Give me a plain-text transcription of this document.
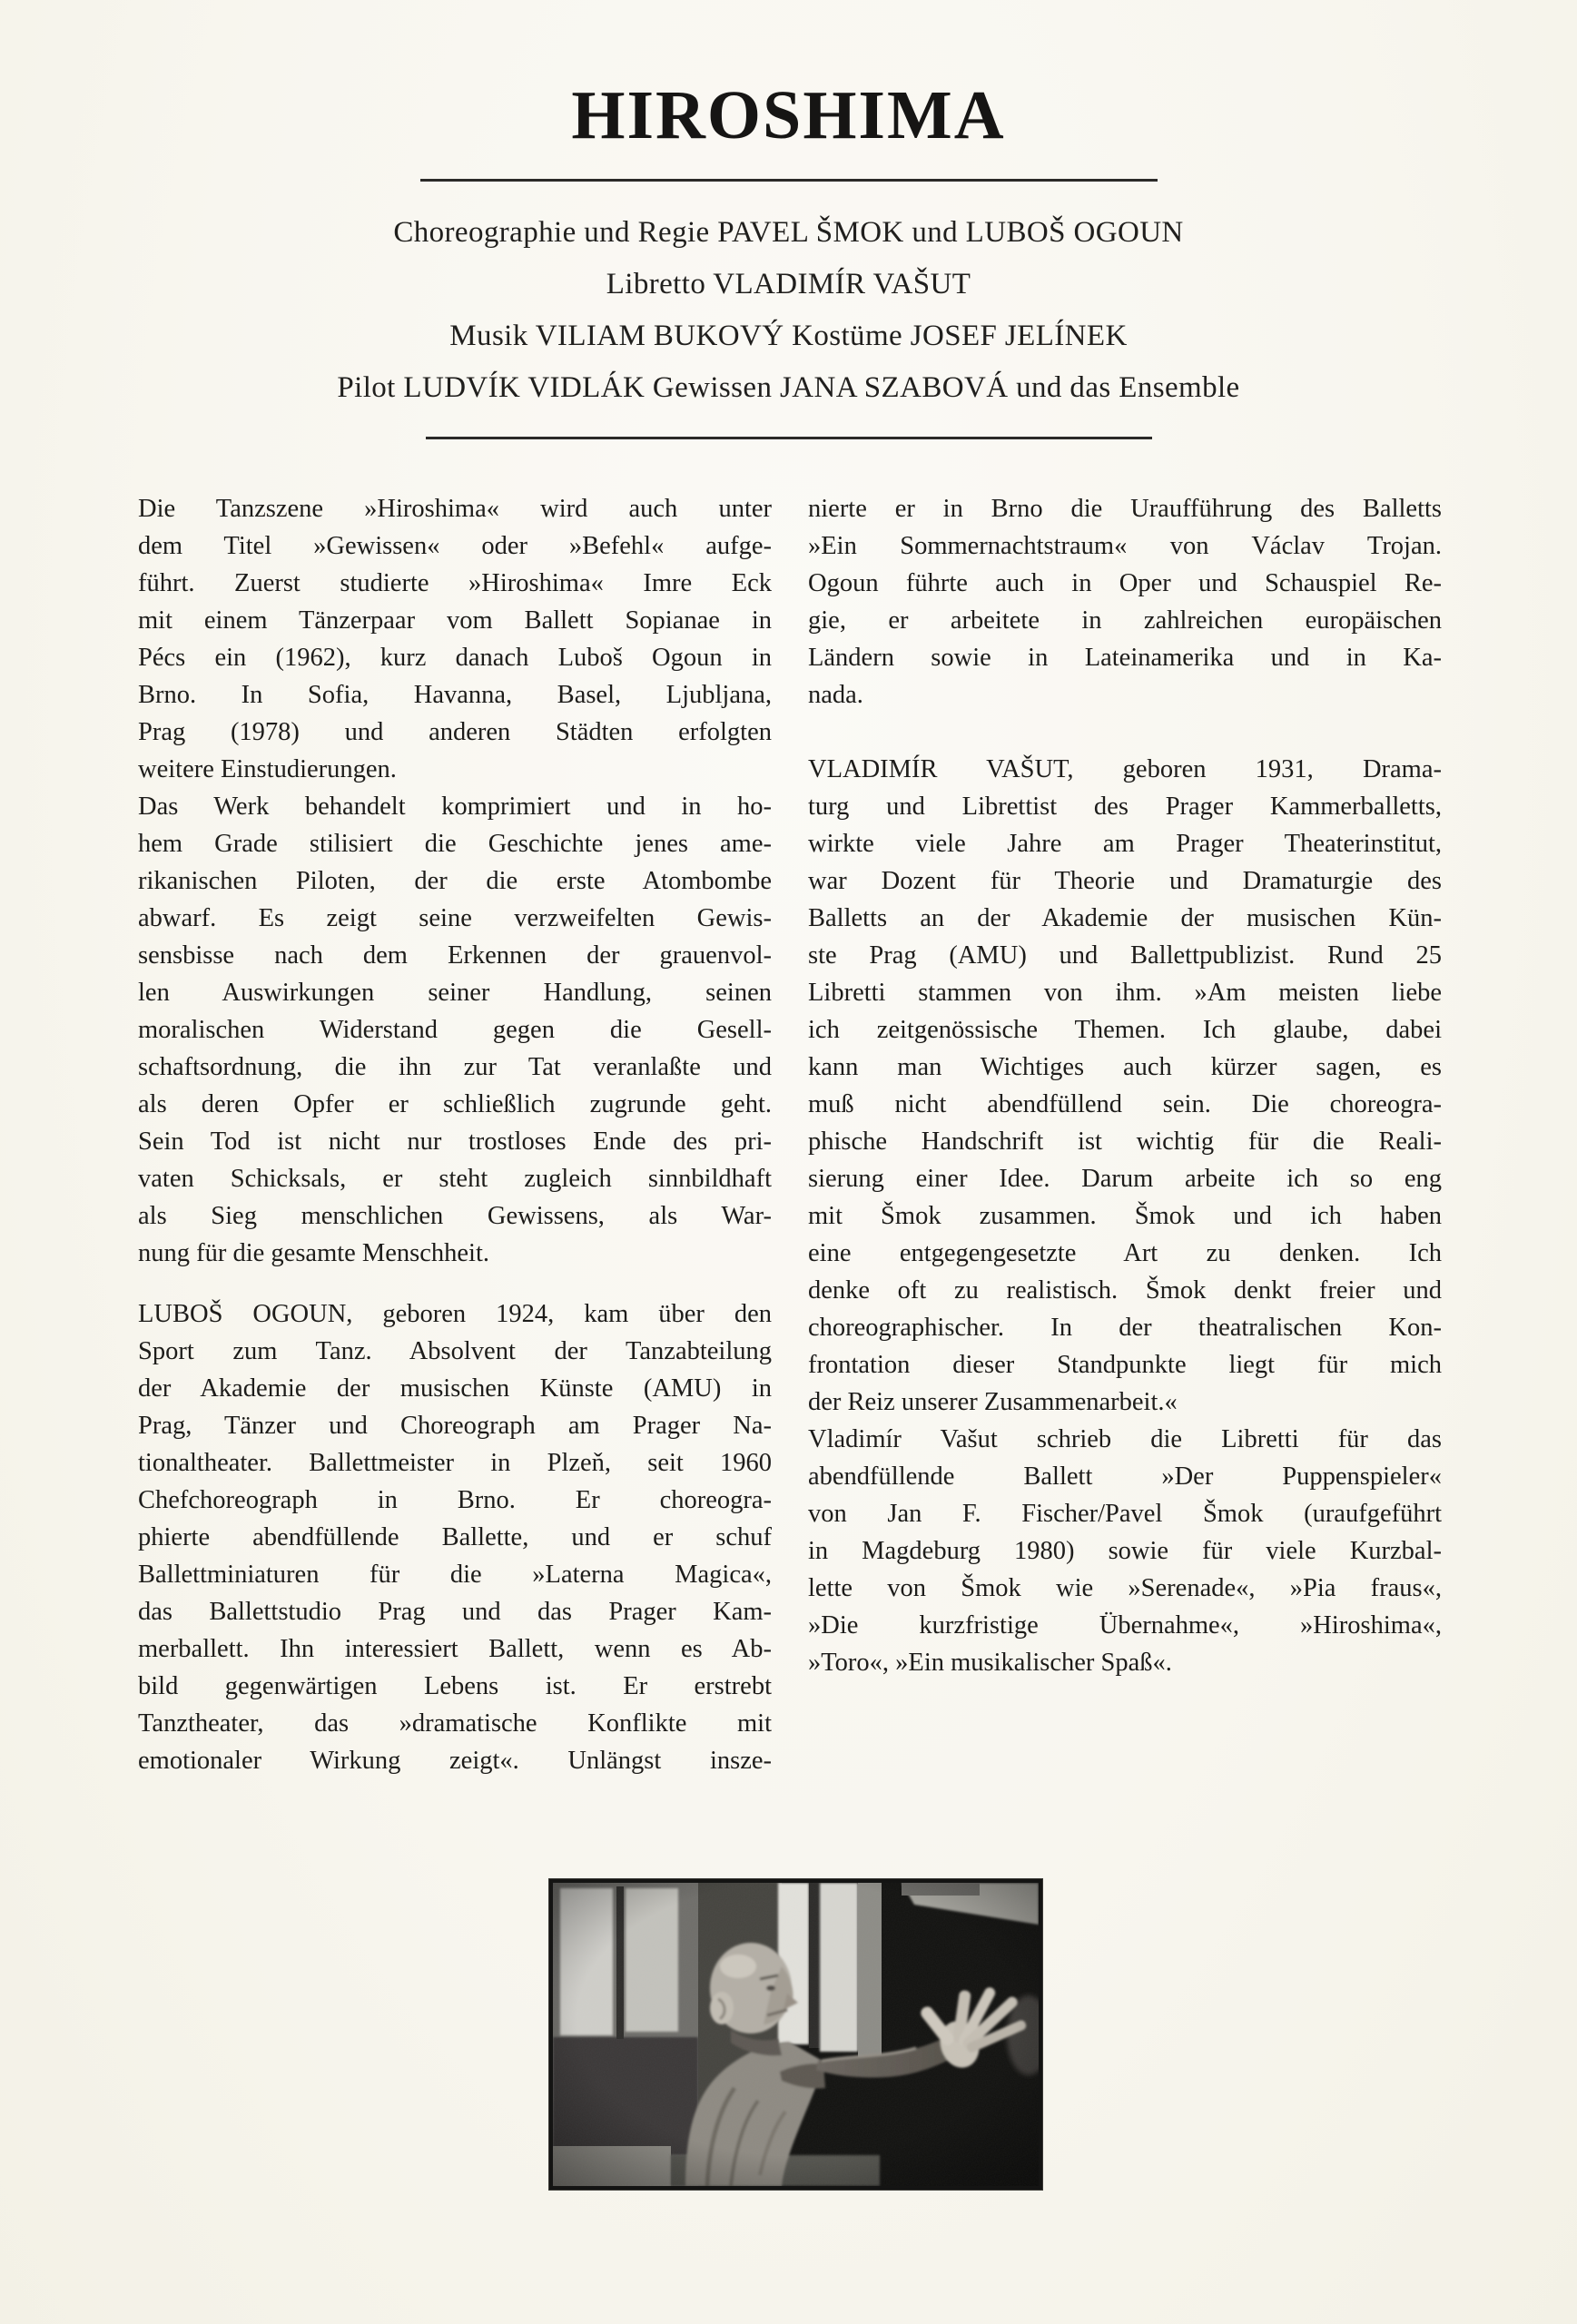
HIROSHIMA
Choreographie und Regie PAVEL ŠMOK und LUBOŠ OGOUN
Libretto VLADIMÍR VAŠUT
Musik VILIAM BUKOVÝ Kostüme JOSEF JELÍNEK
Pilot LUDVÍK VIDLÁK Gewissen JANA SZABOVÁ und das Ensemble
Die Tanzszene »Hiroshima« wird auch unter
dem Titel »Gewissen« oder »Befehl« aufge-
führt. Zuerst studierte »Hiroshima« Imre Eck
mit einem Tänzerpaar vom Ballett Sopianae in
Pécs ein (1962), kurz danach Luboš Ogoun in
Brno. In Sofia, Havanna, Basel, Ljubljana,
Prag (1978) und anderen Städten erfolgten
weitere Einstudierungen.
Das Werk behandelt komprimiert und in ho-
hem Grade stilisiert die Geschichte jenes ame-
rikanischen Piloten, der die erste Atombombe
abwarf. Es zeigt seine verzweifelten Gewis-
sensbisse nach dem Erkennen der grauenvol-
len Auswirkungen seiner Handlung, seinen
moralischen Widerstand gegen die Gesell-
schaftsordnung, die ihn zur Tat veranlaßte und
als deren Opfer er schließlich zugrunde geht.
Sein Tod ist nicht nur trostloses Ende des pri-
vaten Schicksals, er steht zugleich sinnbildhaft
als Sieg menschlichen Gewissens, als War-
nung für die gesamte Menschheit.
LUBOŠ OGOUN, geboren 1924, kam über den
Sport zum Tanz. Absolvent der Tanzabteilung
der Akademie der musischen Künste (AMU) in
Prag, Tänzer und Choreograph am Prager Na-
tionaltheater. Ballettmeister in Plzeň, seit 1960
Chefchoreograph in Brno. Er choreogra-
phierte abendfüllende Ballette, und er schuf
Ballettminiaturen für die »Laterna Magica«,
das Ballettstudio Prag und das Prager Kam-
merballett. Ihn interessiert Ballett, wenn es Ab-
bild gegenwärtigen Lebens ist. Er erstrebt
Tanztheater, das »dramatische Konflikte mit
emotionaler Wirkung zeigt«. Unlängst insze-
nierte er in Brno die Uraufführung des Balletts
»Ein Sommernachtstraum« von Václav Trojan.
Ogoun führte auch in Oper und Schauspiel Re-
gie, er arbeitete in zahlreichen europäischen
Ländern sowie in Lateinamerika und in Ka-
nada.
VLADIMÍR VAŠUT, geboren 1931, Drama-
turg und Librettist des Prager Kammerballetts,
wirkte viele Jahre am Prager Theaterinstitut,
war Dozent für Theorie und Dramaturgie des
Balletts an der Akademie der musischen Kün-
ste Prag (AMU) und Ballettpublizist. Rund 25
Libretti stammen von ihm. »Am meisten liebe
ich zeitgenössische Themen. Ich glaube, dabei
kann man Wichtiges auch kürzer sagen, es
muß nicht abendfüllend sein. Die choreogra-
phische Handschrift ist wichtig für die Reali-
sierung einer Idee. Darum arbeite ich so eng
mit Šmok zusammen. Šmok und ich haben
eine entgegengesetzte Art zu denken. Ich
denke oft zu realistisch. Šmok denkt freier und
choreographischer. In der theatralischen Kon-
frontation dieser Standpunkte liegt für mich
der Reiz unserer Zusammenarbeit.«
Vladimír Vašut schrieb die Libretti für das
abendfüllende Ballett »Der Puppenspieler«
von Jan F. Fischer/Pavel Šmok (uraufgeführt
in Magdeburg 1980) sowie für viele Kurzbal-
lette von Šmok wie »Serenade«, »Pia fraus«,
»Die kurzfristige Übernahme«, »Hiroshima«,
»Toro«, »Ein musikalischer Spaß«.
